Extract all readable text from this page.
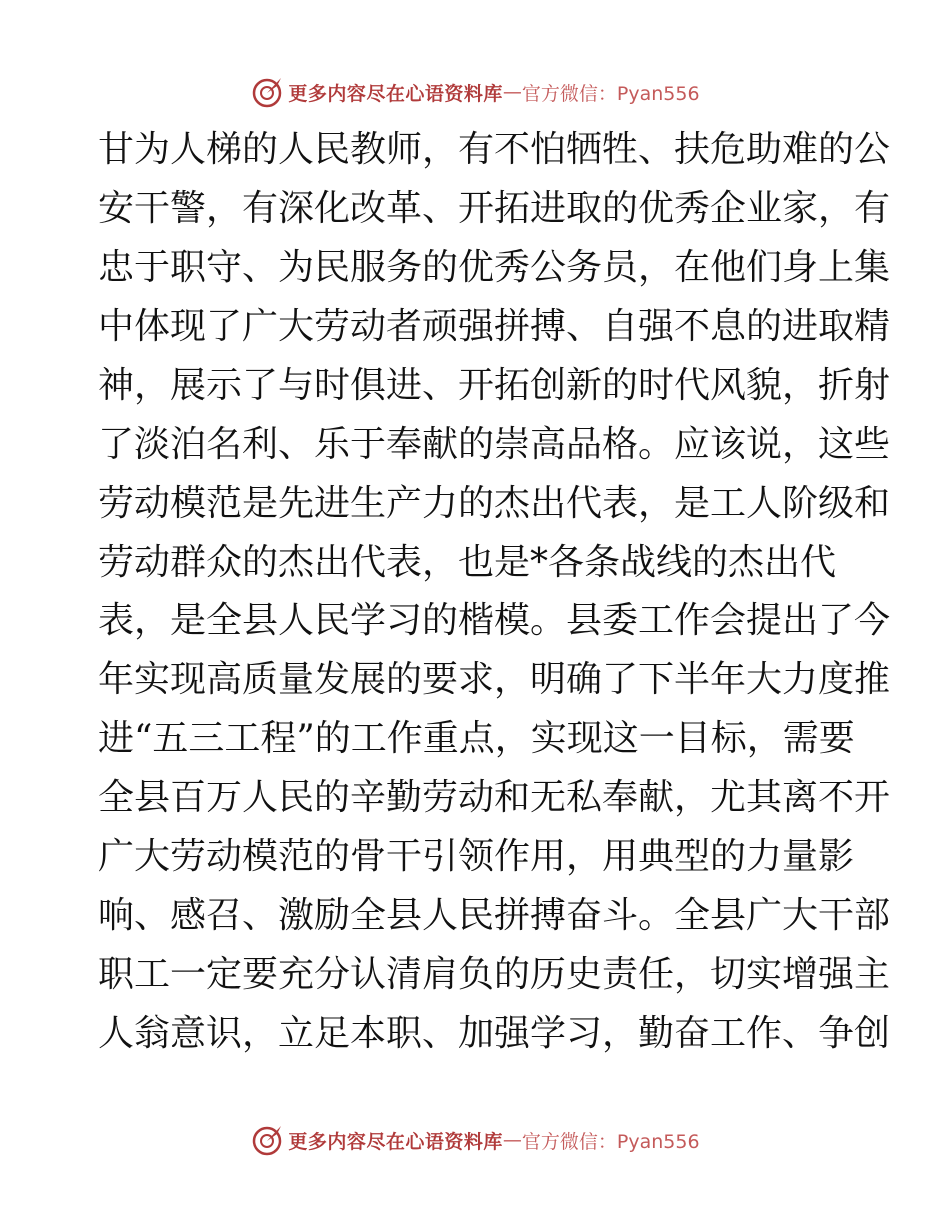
更多内容尽在心语资料库 — 官方微信：Pyan556
甘为人梯的人民教师，有不怕牺牲、扶危助难的公
安干警，有深化改革、开拓进取的优秀企业家，有
忠于职守、为民服务的优秀公务员，在他们身上集
中体现了广大劳动者顽强拼搏、自强不息的进取精
神，展示了与时俱进、开拓创新的时代风貌，折射
了淡泊名利、乐于奉献的崇高品格。应该说，这些
劳动模范是先进生产力的杰出代表，是工人阶级和
劳动群众的杰出代表，也是*各条战线的杰出代
表，是全县人民学习的楷模。县委工作会提出了今
年实现高质量发展的要求，明确了下半年大力度推
进“五三工程”的工作重点，实现这一目标，需要
全县百万人民的辛勤劳动和无私奉献，尤其离不开
广大劳动模范的骨干引领作用，用典型的力量影
响、感召、激励全县人民拼搏奋斗。全县广大干部
职工一定要充分认清肩负的历史责任，切实增强主
人翁意识，立足本职、加强学习，勤奋工作、争创
更多内容尽在心语资料库 — 官方微信：Pyan556
